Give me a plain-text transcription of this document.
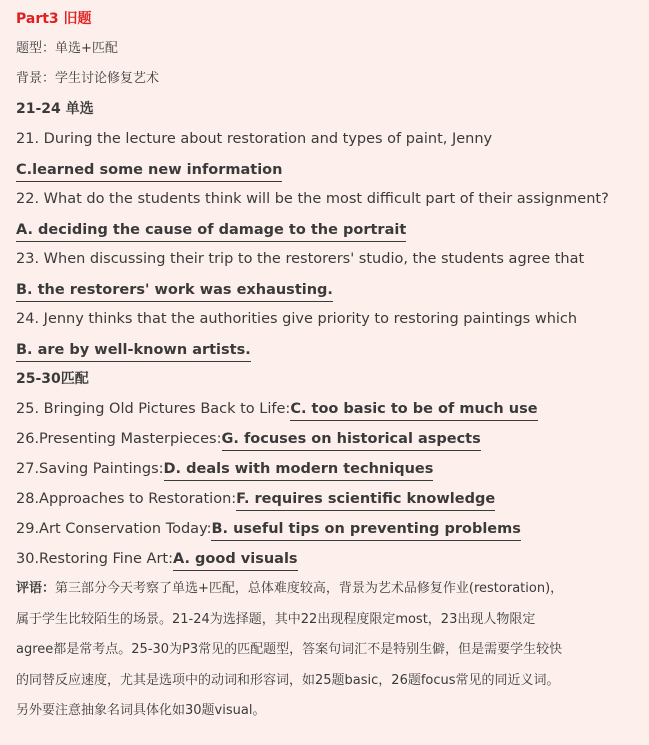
Part3 旧题

题型：单选+匹配

背景：学生讨论修复艺术

21-24 单选

21. During the lecture about restoration and types of paint, Jenny

C.learned some new information

22. What do the students think will be the most difficult part of their assignment?

A. deciding the cause of damage to the portrait

23. When discussing their trip to the restorers' studio, the students agree that

B. the restorers' work was exhausting.

24. Jenny thinks that the authorities give priority to restoring paintings which

B. are by well-known artists.

25-30匹配

25. Bringing Old Pictures Back to Life:C. too basic to be of much use

26.Presenting Masterpieces:G. focuses on historical aspects

27.Saving Paintings:D. deals with modern techniques

28.Approaches to Restoration:F. requires scientific knowledge

29.Art Conservation Today:B. useful tips on preventing problems

30.Restoring Fine Art:A. good visuals

评语：第三部分今天考察了单选+匹配，总体难度较高，背景为艺术品修复作业(restoration)，

属于学生比较陌生的场景。21-24为选择题，其中22出现程度限定most，23出现人物限定

agree都是常考点。25-30为P3常见的匹配题型，答案句词汇不是特别生僻，但是需要学生较快

的同替反应速度，尤其是选项中的动词和形容词，如25题basic，26题focus常见的同近义词。

另外要注意抽象名词具体化如30题visual。
